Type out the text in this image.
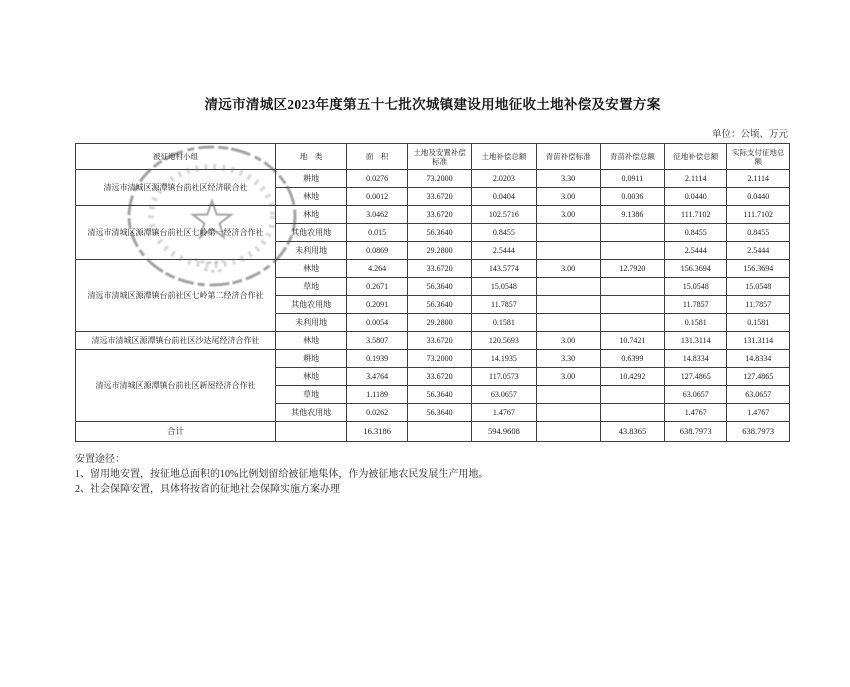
清远市清城区2023年度第五十七批次城镇建设用地征收土地补偿及安置方案
单位：公顷、万元
被征地村小组	地　类	面　积	土地及安置补偿标准	土地补偿总额	青苗补偿标准	青苗补偿总额	征地补偿总额	实际支付征地总额
清远市清城区源潭镇台前社区经济联合社	耕地	0.0276	73.2000	2.0203	3.30	0.0911	2.1114	2.1114
	林地	0.0012	33.6720	0.0404	3.00	0.0036	0.0440	0.0440
清远市清城区源潭镇台前社区七岭第一经济合作社	林地	3.0462	33.6720	102.5716	3.00	9.1386	111.7102	111.7102
	其他农用地	0.015	56.3640	0.8455			0.8455	0.8455
	未利用地	0.0869	29.2800	2.5444			2.5444	2.5444
清远市清城区源潭镇台前社区七岭第二经济合作社	林地	4.264	33.6720	143.5774	3.00	12.7920	156.3694	156.3694
	草地	0.2671	56.3640	15.0548			15.0548	15.0548
	其他农用地	0.2091	56.3640	11.7857			11.7857	11.7857
	未利用地	0.0054	29.2800	0.1581			0.1581	0.1581
清远市清城区源潭镇台前社区沙达尾经济合作社	林地	3.5807	33.6720	120.5693	3.00	10.7421	131.3114	131.3114
清远市清城区源潭镇台前社区新屋经济合作社	耕地	0.1939	73.2000	14.1935	3.30	0.6399	14.8334	14.8334
	林地	3.4764	33.6720	117.0573	3.00	10.4292	127.4865	127.4865
	草地	1.1189	56.3640	63.0657			63.0657	63.0657
	其他农用地	0.0262	56.3640	1.4767			1.4767	1.4767
合计		16.3186		594.9608		43.8365	638.7973	638.7973
安置途径：
1、留用地安置，按征地总面积的10%比例划留给被征地集体，作为被征地农民发展生产用地。
2、社会保障安置，具体将按省的征地社会保障实施方案办理
